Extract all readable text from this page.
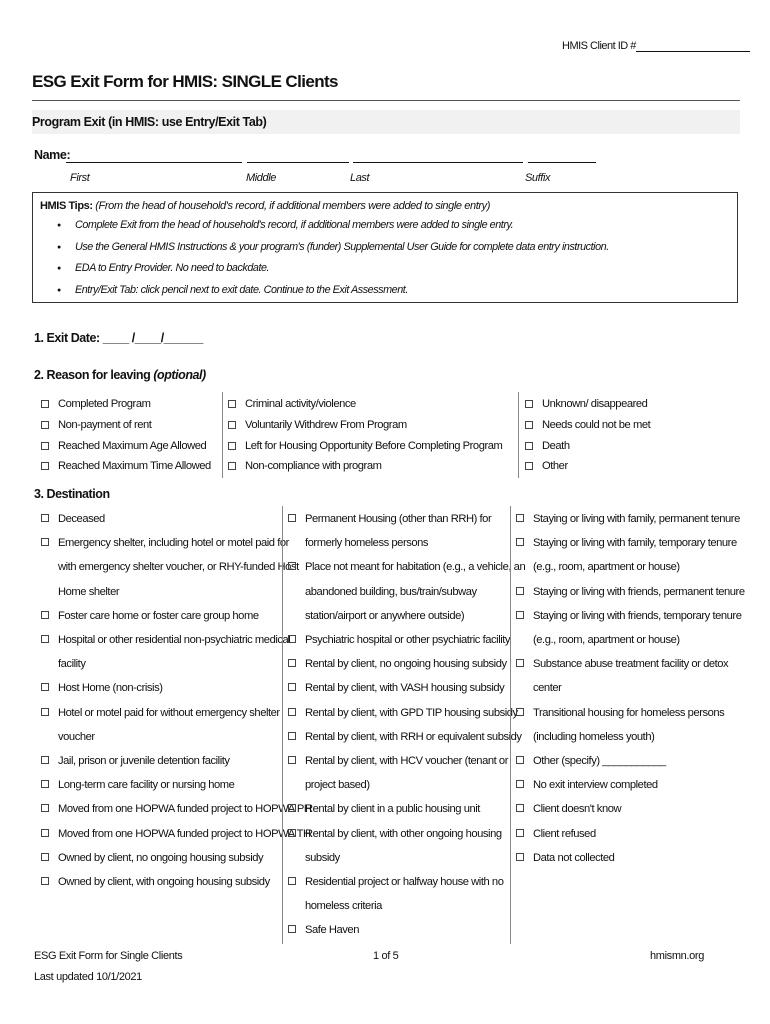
HMIS Client ID #
ESG Exit Form for HMIS: SINGLE Clients
Program Exit (in HMIS: use Entry/Exit Tab)
Name:
First	Middle	Last	Suffix
HMIS Tips: (From the head of household's record, if additional members were added to single entry)
● Complete Exit from the head of household's record, if additional members were added to single entry.
● Use the General HMIS Instructions & your program's (funder) Supplemental User Guide for complete data entry instruction.
● EDA to Entry Provider. No need to backdate.
● Entry/Exit Tab: click pencil next to exit date. Continue to the Exit Assessment.
1. Exit Date: ____ /____/______
2. Reason for leaving (optional)
Completed Program
Non-payment of rent
Reached Maximum Age Allowed
Reached Maximum Time Allowed
Criminal activity/violence
Voluntarily Withdrew From Program
Left for Housing Opportunity Before Completing Program
Non-compliance with program
Unknown/ disappeared
Needs could not be met
Death
Other
3. Destination
Deceased
Emergency shelter, including hotel or motel paid for
with emergency shelter voucher, or RHY-funded Host
Home shelter
Foster care home or foster care group home
Hospital or other residential non-psychiatric medical
facility
Host Home (non-crisis)
Hotel or motel paid for without emergency shelter
voucher
Jail, prison or juvenile detention facility
Long-term care facility or nursing home
Moved from one HOPWA funded project to HOPWA PH
Moved from one HOPWA funded project to HOPWA TH
Owned by client, no ongoing housing subsidy
Owned by client, with ongoing housing subsidy
Permanent Housing (other than RRH) for
formerly homeless persons
Place not meant for habitation (e.g., a vehicle, an
abandoned building, bus/train/subway
station/airport or anywhere outside)
Psychiatric hospital or other psychiatric facility
Rental by client, no ongoing housing subsidy
Rental by client, with VASH housing subsidy
Rental by client, with GPD TIP housing subsidy
Rental by client, with RRH or equivalent subsidy
Rental by client, with HCV voucher (tenant or
project based)
Rental by client in a public housing unit
Rental by client, with other ongoing housing
subsidy
Residential project or halfway house with no
homeless criteria
Safe Haven
Staying or living with family, permanent tenure
Staying or living with family, temporary tenure
(e.g., room, apartment or house)
Staying or living with friends, permanent tenure
Staying or living with friends, temporary tenure
(e.g., room, apartment or house)
Substance abuse treatment facility or detox
center
Transitional housing for homeless persons
(including homeless youth)
Other (specify) ___________
No exit interview completed
Client doesn't know
Client refused
Data not collected
ESG Exit Form for Single Clients
Last updated 10/1/2021
1 of 5	hmismn.org
